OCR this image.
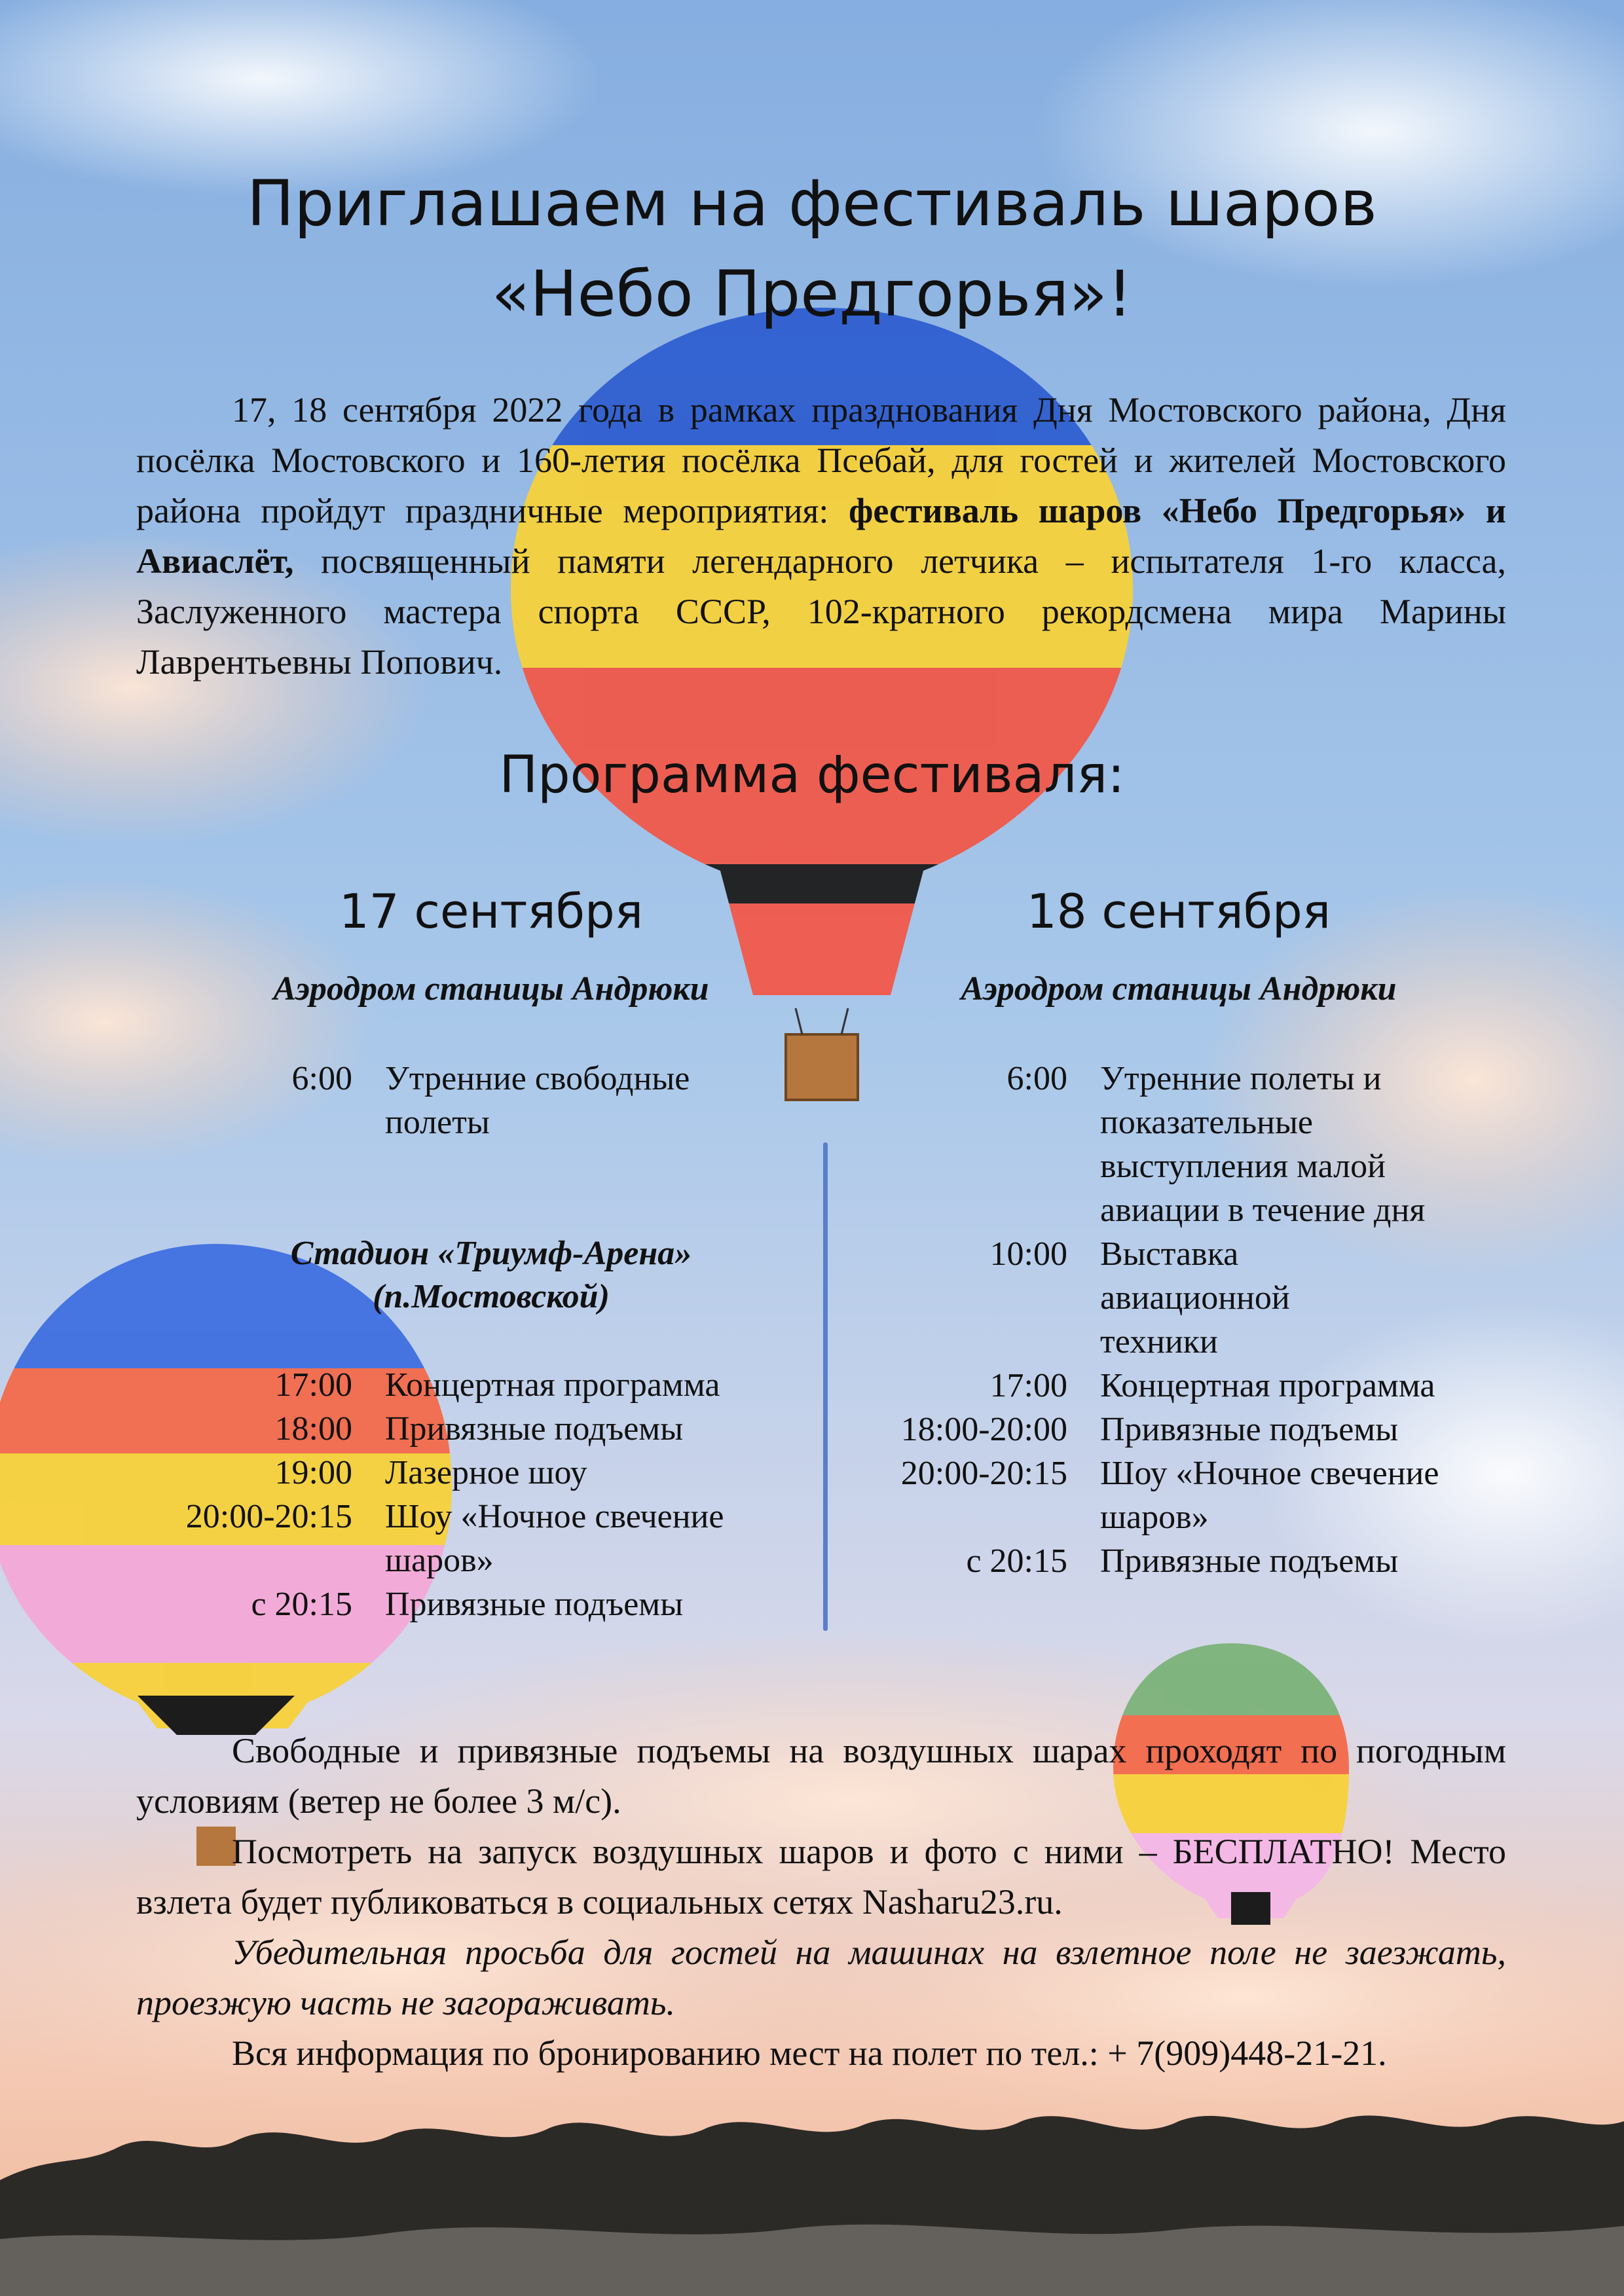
Приглашаем на фестиваль шаров
«Небо Предгорья»!
17, 18 сентября 2022 года в рамках празднования Дня Мостовского района, Дня посёлка Мостовского и 160-летия посёлка Псебай, для гостей и жителей Мостовского района пройдут праздничные мероприятия: фестиваль шаров «Небо Предгорья» и Авиаслёт, посвященный памяти легендарного летчика – испытателя 1-го класса, Заслуженного мастера спорта СССР, 102-кратного рекордсмена мира Марины Лаврентьевны Попович.
Программа фестиваля:
17 сентября	18 сентября
Аэродром станицы Андрюки	Аэродром станицы Андрюки
6:00 Утренние свободные полеты
Стадион «Триумф-Арена» (п.Мостовской)
17:00 Концертная программа
18:00 Привязные подъемы
19:00 Лазерное шоу
20:00-20:15 Шоу «Ночное свечение шаров»
с 20:15 Привязные подъемы
6:00 Утренние полеты и показательные выступления малой авиации в течение дня
10:00 Выставка авиационной техники
17:00 Концертная программа
18:00-20:00 Привязные подъемы
20:00-20:15 Шоу «Ночное свечение шаров»
с 20:15 Привязные подъемы

Свободные и привязные подъемы на воздушных шарах проходят по погодным условиям (ветер не более 3 м/с).

Посмотреть на запуск воздушных шаров и фото с ними – БЕСПЛАТНО! Место взлета будет публиковаться в социальных сетях Nasharu23.ru.

Убедительная просьба для гостей на машинах на взлетное поле не заезжать, проезжую часть не загораживать.

Вся информация по бронированию мест на полет по тел.: + 7(909)448-21-21.
